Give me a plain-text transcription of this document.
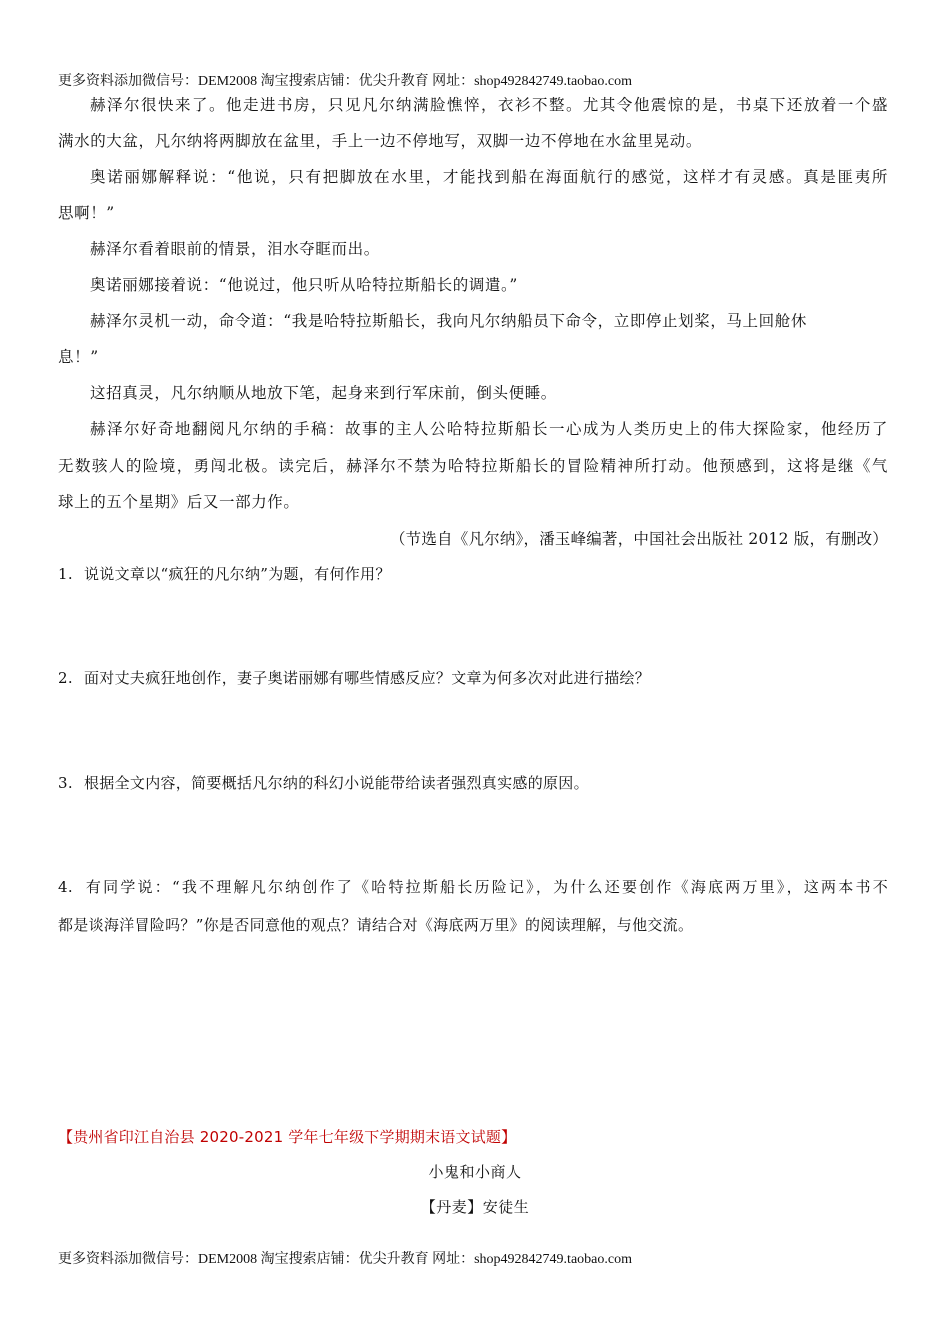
更多资料添加微信号：DEM2008 淘宝搜索店铺：优尖升教育 网址：shop492842749.taobao.com
赫泽尔很快来了。他走进书房，只见凡尔纳满脸憔悴，衣衫不整。尤其令他震惊的是，书桌下还放着一个盛
满水的大盆，凡尔纳将两脚放在盆里，手上一边不停地写，双脚一边不停地在水盆里晃动。
奥诺丽娜解释说：“他说，只有把脚放在水里，才能找到船在海面航行的感觉，这样才有灵感。真是匪夷所
思啊！”
赫泽尔看着眼前的情景，泪水夺眶而出。
奥诺丽娜接着说：“他说过，他只听从哈特拉斯船长的调遣。”
赫泽尔灵机一动，命令道：“我是哈特拉斯船长，我向凡尔纳船员下命令，立即停止划桨，马上回舱休
息！”
这招真灵，凡尔纳顺从地放下笔，起身来到行军床前，倒头便睡。
赫泽尔好奇地翻阅凡尔纳的手稿：故事的主人公哈特拉斯船长一心成为人类历史上的伟大探险家，他经历了
无数骇人的险境，勇闯北极。读完后，赫泽尔不禁为哈特拉斯船长的冒险精神所打动。他预感到，这将是继《气
球上的五个星期》后又一部力作。
（节选自《凡尔纳》，潘玉峰编著，中国社会出版社 2012 版，有删改）
1. 说说文章以“疯狂的凡尔纳”为题，有何作用？
2. 面对丈夫疯狂地创作，妻子奥诺丽娜有哪些情感反应？文章为何多次对此进行描绘？
3. 根据全文内容，简要概括凡尔纳的科幻小说能带给读者强烈真实感的原因。
4. 有同学说：“我不理解凡尔纳创作了《哈特拉斯船长历险记》，为什么还要创作《海底两万里》，这两本书不
都是谈海洋冒险吗？”你是否同意他的观点？请结合对《海底两万里》的阅读理解，与他交流。
【贵州省印江自治县 2020-2021 学年七年级下学期期末语文试题】
小鬼和小商人
【丹麦】安徒生
更多资料添加微信号：DEM2008 淘宝搜索店铺：优尖升教育 网址：shop492842749.taobao.com
